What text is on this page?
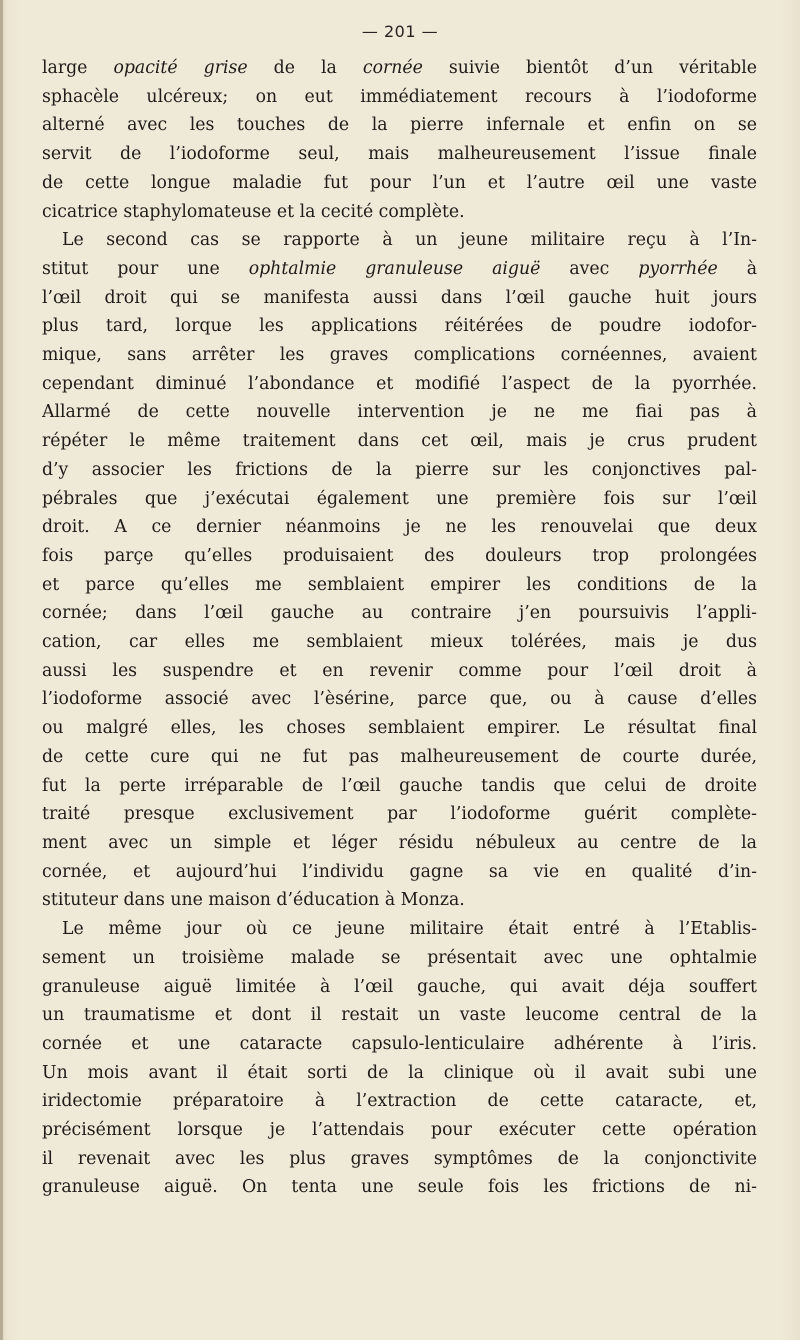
— 201 —
large opacité grise de la cornée suivie bientôt d’un véritable
sphacèle ulcéreux; on eut immédiatement recours à l’iodoforme
alterné avec les touches de la pierre infernale et enfin on se
servit de l’iodoforme seul, mais malheureusement l’issue finale
de cette longue maladie fut pour l’un et l’autre œil une vaste
cicatrice staphylomateuse et la cecité complète.
Le second cas se rapporte à un jeune militaire reçu à l’In-
stitut pour une ophtalmie granuleuse aiguë avec pyorrhée à
l’œil droit qui se manifesta aussi dans l’œil gauche huit jours
plus tard, lorque les applications réitérées de poudre iodofor-
mique, sans arrêter les graves complications cornéennes, avaient
cependant diminué l’abondance et modifié l’aspect de la pyorrhée.
Allarmé de cette nouvelle intervention je ne me fiai pas à
répéter le même traitement dans cet œil, mais je crus prudent
d’y associer les frictions de la pierre sur les conjonctives pal-
pébrales que j’exécutai également une première fois sur l’œil
droit. A ce dernier néanmoins je ne les renouvelai que deux
fois parçe qu’elles produisaient des douleurs trop prolongées
et parce qu’elles me semblaient empirer les conditions de la
cornée; dans l’œil gauche au contraire j’en poursuivis l’appli-
cation, car elles me semblaient mieux tolérées, mais je dus
aussi les suspendre et en revenir comme pour l’œil droit à
l’iodoforme associé avec l’èsérine, parce que, ou à cause d’elles
ou malgré elles, les choses semblaient empirer. Le résultat final
de cette cure qui ne fut pas malheureusement de courte durée,
fut la perte irréparable de l’œil gauche tandis que celui de droite
traité presque exclusivement par l’iodoforme guérit complète-
ment avec un simple et léger résidu nébuleux au centre de la
cornée, et aujourd’hui l’individu gagne sa vie en qualité d’in-
stituteur dans une maison d’éducation à Monza.
Le même jour où ce jeune militaire était entré à l’Etablis-
sement un troisième malade se présentait avec une ophtalmie
granuleuse aiguë limitée à l’œil gauche, qui avait déja souffert
un traumatisme et dont il restait un vaste leucome central de la
cornée et une cataracte capsulo-lenticulaire adhérente à l’iris.
Un mois avant il était sorti de la clinique où il avait subi une
iridectomie préparatoire à l’extraction de cette cataracte, et,
précisément lorsque je l’attendais pour exécuter cette opération
il revenait avec les plus graves symptômes de la conjonctivite
granuleuse aiguë. On tenta une seule fois les frictions de ni-
